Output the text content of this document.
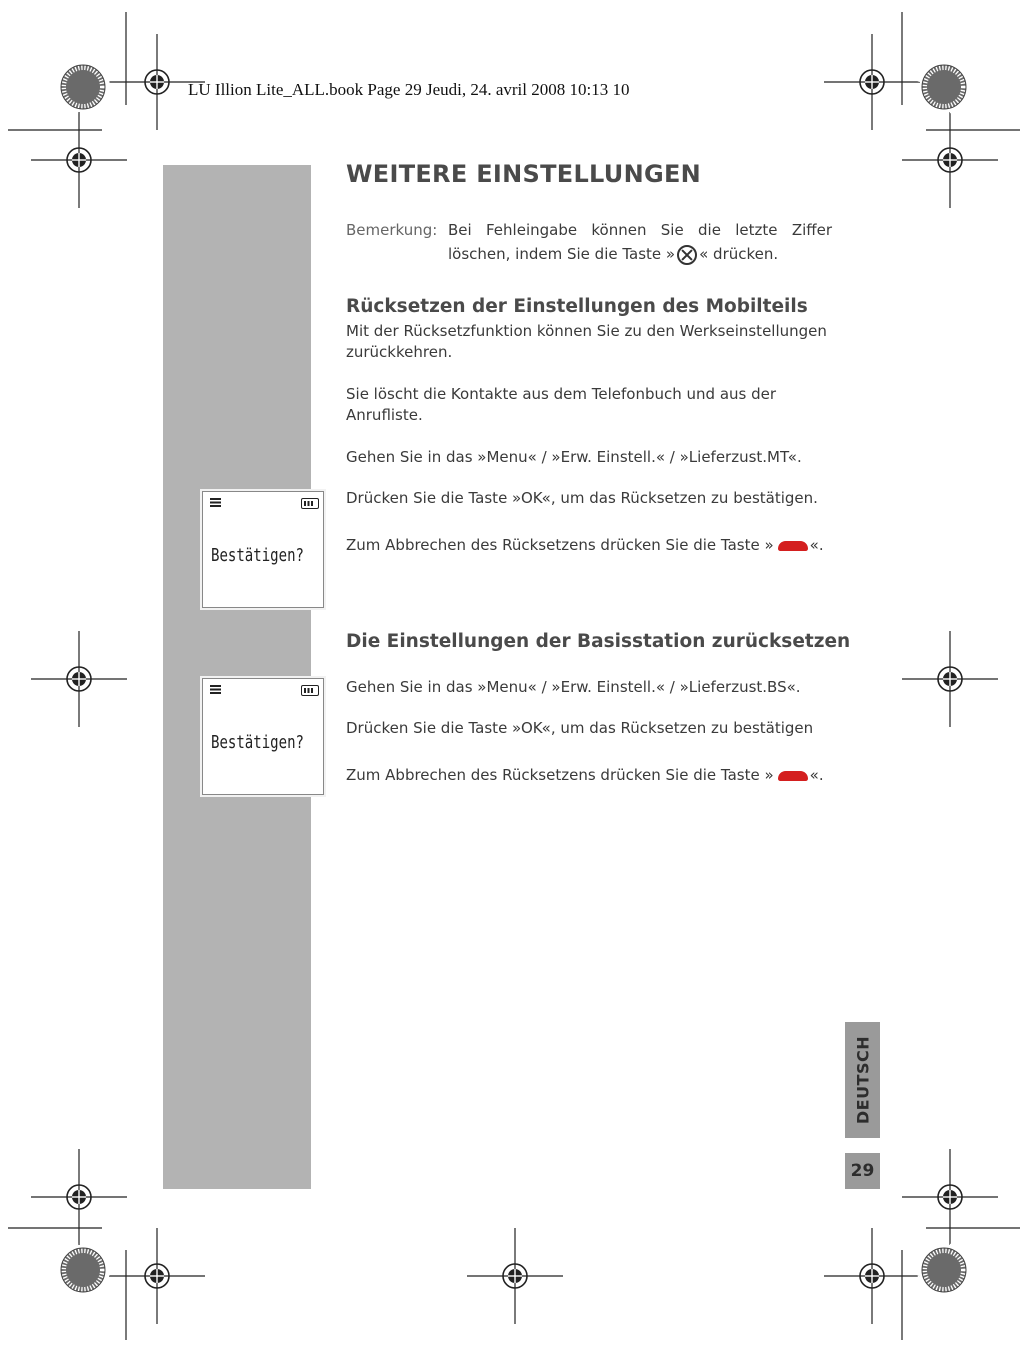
LU Illion Lite_ALL.book Page 29 Jeudi, 24. avril 2008 10:13 10
WEITERE EINSTELLUNGEN
Bemerkung: Bei Fehleingabe können Sie die letzte Ziffer
löschen, indem Sie die Taste » « drücken.
Rücksetzen der Einstellungen des Mobilteils
Mit der Rücksetzfunktion können Sie zu den Werkseinstellungen zurückkehren.
Sie löscht die Kontakte aus dem Telefonbuch und aus der Anrufliste.
Gehen Sie in das »Menu« / »Erw. Einstell.« / »Lieferzust.MT«.
Drücken Sie die Taste »OK«, um das Rücksetzen zu bestätigen.
Zum Abbrechen des Rücksetzens drücken Sie die Taste » «.
Bestätigen?
Die Einstellungen der Basisstation zurücksetzen
Gehen Sie in das »Menu« / »Erw. Einstell.« / »Lieferzust.BS«.
Drücken Sie die Taste »OK«, um das Rücksetzen zu bestätigen
Zum Abbrechen des Rücksetzens drücken Sie die Taste » «.
Bestätigen?
DEUTSCH
29
